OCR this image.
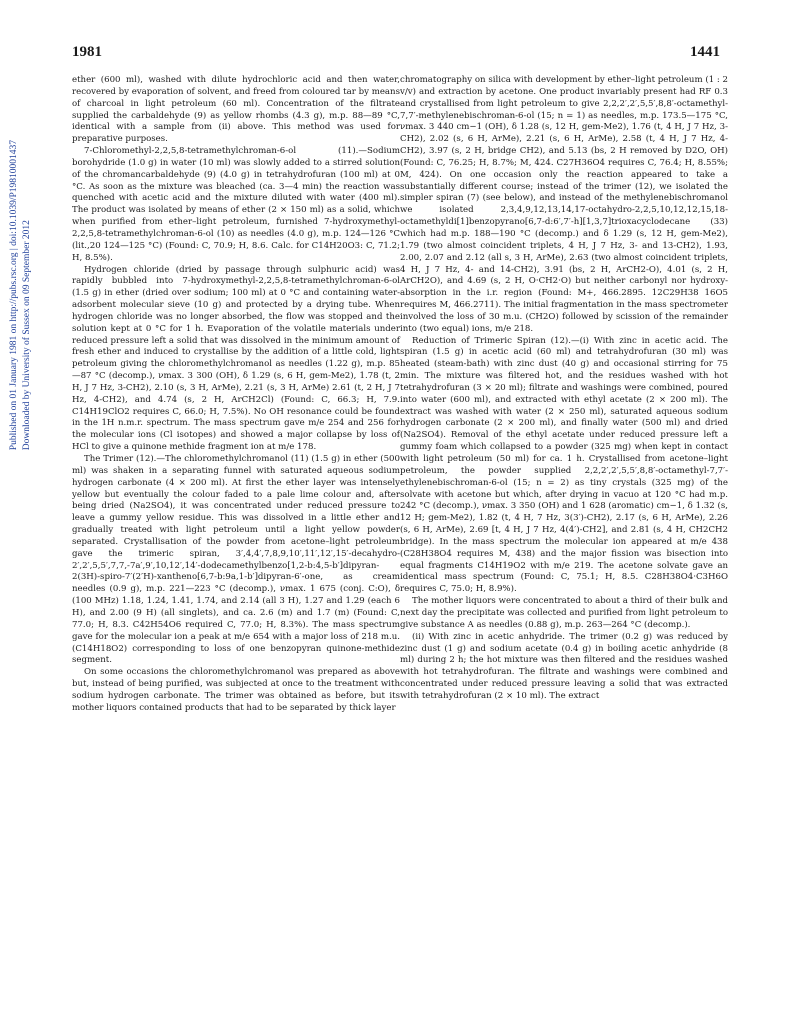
1981	1441
Published on 01 January 1981 on http://pubs.rsc.org | doi:10.1039/P19810001437 Downloaded by University of Sussex on 09 September 2012

ether (600 ml), washed with dilute hydrochloric acid and then water, recovered by evaporation of solvent, and freed from coloured tar by means of charcoal in light petroleum (60 ml). Concentration of the filtrate supplied the carbaldehyde (9) as yellow rhombs (4.3 g), m.p. 88—89 °C, identical with a sample from (ii) above. This method was used for preparative purposes.

7-Chloromethyl-2,2,5,8-tetramethylchroman-6-ol (11).—Sodium borohydride (1.0 g) in water (10 ml) was slowly added to a stirred solution of the chromancarbaldehyde (9) (4.0 g) in tetrahydrofuran (100 ml) at 0 °C. As soon as the mixture was bleached (ca. 3—4 min) the reaction was quenched with acetic acid and the mixture diluted with water (400 ml). The product was isolated by means of ether (2 × 150 ml) as a solid, which when purified from ether–light petroleum, furnished 7-hydroxymethyl-2,2,5,8-tetramethylchroman-6-ol (10) as needles (4.0 g), m.p. 124—126 °C (lit.,20 124—125 °C) (Found: C, 70.9; H, 8.6. Calc. for C14H20O3: C, 71.2; H, 8.5%).

Hydrogen chloride (dried by passage through sulphuric acid) was rapidly bubbled into 7-hydroxymethyl-2,2,5,8-tetramethylchroman-6-ol (1.5 g) in ether (dried over sodium; 100 ml) at 0 °C and containing water-adsorbent molecular sieve (10 g) and protected by a drying tube. When hydrogen chloride was no longer absorbed, the flow was stopped and the solution kept at 0 °C for 1 h. Evaporation of the volatile materials under reduced pressure left a solid that was dissolved in the minimum amount of fresh ether and induced to crystallise by the addition of a little cold, light petroleum giving the chloromethylchromanol as needles (1.22 g), m.p. 85—87 °C (decomp.), νmax. 3 300 (OH), δ 1.29 (s, 6 H, gem-Me2), 1.78 (t, 2 H, J 7 Hz, 3-CH2), 2.10 (s, 3 H, ArMe), 2.21 (s, 3 H, ArMe) 2.61 (t, 2 H, J 7 Hz, 4-CH2), and 4.74 (s, 2 H, ArCH2Cl) (Found: C, 66.3; H, 7.9. C14H19ClO2 requires C, 66.0; H, 7.5%). No OH resonance could be found in the 1H n.m.r. spectrum. The mass spectrum gave m/e 254 and 256 for the molecular ions (Cl isotopes) and showed a major collapse by loss of HCl to give a quinone methide fragment ion at m/e 178.

The Trimer (12).—The chloromethylchromanol (11) (1.5 g) in ether (500 ml) was shaken in a separating funnel with saturated aqueous sodium hydrogen carbonate (4 × 200 ml). At first the ether layer was intensely yellow but eventually the colour faded to a pale lime colour and, after being dried (Na2SO4), it was concentrated under reduced pressure to leave a gummy yellow residue. This was dissolved in a little ether and gradually treated with light petroleum until a light yellow powder separated. Crystallisation of the powder from acetone–light petroleum gave the trimeric spiran, 3′,4,4′,7,8,9,10′,11′,12′,15′-decahydro-2′,2′,5,5′,7,7,-7a′,9′,10,12′,14′-dodecamethylbenzo[1,2-b:4,5-b′]dipyran-2(3H)-spiro-7′(2′H)-xantheno[6,7-b:9a,1-b′]dipyran-6′-one, as cream needles (0.9 g), m.p. 221—223 °C (decomp.), νmax. 1 675 (conj. C:O), δ (100 MHz) 1.18, 1.24, 1.41, 1.74, and 2.14 (all 3 H), 1.27 and 1.29 (each 6 H), and 2.00 (9 H) (all singlets), and ca. 2.6 (m) and 1.7 (m) (Found: C, 77.0; H, 8.3. C42H54O6 required C, 77.0; H, 8.3%). The mass spectrum gave for the molecular ion a peak at m/e 654 with a major loss of 218 m.u. (C14H18O2) corresponding to loss of one benzopyran quinone-methide segment.

On some occasions the chloromethylchromanol was prepared as above but, instead of being purified, was subjected at once to the treatment with sodium hydrogen carbonate. The trimer was obtained as before, but its mother liquors contained products that had to be separated by thick layer

chromatography on silica with development by ether–light petroleum (1 : 2 v/v) and extraction by acetone. One product invariably present had RF 0.3 and crystallised from light petroleum to give 2,2,2′,2′,5,5′,8,8′-octamethyl-7,7′-methylenebischroman-6-ol (15; n = 1) as needles, m.p. 173.5—175 °C, νmax. 3 440 cm−1 (OH), δ 1.28 (s, 12 H, gem-Me2), 1.76 (t, 4 H, J 7 Hz, 3-CH2), 2.02 (s, 6 H, ArMe), 2.21 (s, 6 H, ArMe), 2.58 (t, 4 H, J 7 Hz, 4-CH2), 3.97 (s, 2 H, bridge CH2), and 5.13 (bs, 2 H removed by D2O, OH) (Found: C, 76.25; H, 8.7%; M, 424. C27H36O4 requires C, 76.4; H, 8.55%; M, 424). On one occasion only the reaction appeared to take a substantially different course; instead of the trimer (12), we isolated the simpler spiran (7) (see below), and instead of the methylenebischromanol we isolated 2,3,4,9,12,13,14,17-octahydro-2,2,5,10,12,12,15,18-octamethyldi[1]benzopyrano[6,7-d:6′,7′-h][1,3,7]trioxacyclodecane (33) which had m.p. 188—190 °C (decomp.) and δ 1.29 (s, 12 H, gem-Me2), 1.79 (two almost coincident triplets, 4 H, J 7 Hz, 3- and 13-CH2), 1.93, 2.00, 2.07 and 2.12 (all s, 3 H, ArMe), 2.63 (two almost coincident triplets, 4 H, J 7 Hz, 4- and 14-CH2), 3.91 (bs, 2 H, ArCH2-O), 4.01 (s, 2 H, ArCH2O), and 4.69 (s, 2 H, O·CH2·O) but neither carbonyl nor hydroxy-absorption in the i.r. region (Found: M+, 466.2895. 12C29H38 16O5 requires M, 466.2711). The initial fragmentation in the mass spectrometer involved the loss of 30 m.u. (CH2O) followed by scission of the remainder into (two equal) ions, m/e 218.

Reduction of Trimeric Spiran (12).—(i) With zinc in acetic acid. The spiran (1.5 g) in acetic acid (60 ml) and tetrahydrofuran (30 ml) was heated (steam-bath) with zinc dust (40 g) and occasional stirring for 75 min. The mixture was filtered hot, and the residues washed with hot tetrahydrofuran (3 × 20 ml); filtrate and washings were combined, poured into water (600 ml), and extracted with ethyl acetate (2 × 200 ml). The extract was washed with water (2 × 250 ml), saturated aqueous sodium hydrogen carbonate (2 × 200 ml), and finally water (500 ml) and dried (Na2SO4). Removal of the ethyl acetate under reduced pressure left a gummy foam which collapsed to a powder (325 mg) when kept in contact with light petroleum (50 ml) for ca. 1 h. Crystallised from acetone–light petroleum, the powder supplied 2,2,2′,2′,5,5′,8,8′-octamethyl-7,7′-ethylenebischroman-6-ol (15; n = 2) as tiny crystals (325 mg) of the solvate with acetone but which, after drying in vacuo at 120 °C had m.p. 242 °C (decomp.), νmax. 3 350 (OH) and 1 628 (aromatic) cm−1, δ 1.32 (s, 12 H; gem-Me2), 1.82 (t, 4 H, 7 Hz, 3(3′)-CH2), 2.17 (s, 6 H, ArMe), 2.26 (s, 6 H, ArMe), 2.69 [t, 4 H, J 7 Hz, 4(4′)-CH2], and 2.81 (s, 4 H, CH2CH2 bridge). In the mass spectrum the molecular ion appeared at m/e 438 (C28H38O4 requires M, 438) and the major fission was bisection into equal fragments C14H19O2 with m/e 219. The acetone solvate gave an identical mass spectrum (Found: C, 75.1; H, 8.5. C28H38O4·C3H6O requires C, 75.0; H, 8.9%).

The mother liquors were concentrated to about a third of their bulk and next day the precipitate was collected and purified from light petroleum to give substance A as needles (0.88 g), m.p. 263—264 °C (decomp.).

(ii) With zinc in acetic anhydride. The trimer (0.2 g) was reduced by zinc dust (1 g) and sodium acetate (0.4 g) in boiling acetic anhydride (8 ml) during 2 h; the hot mixture was then filtered and the residues washed with hot tetrahydrofuran. The filtrate and washings were combined and concentrated under reduced pressure leaving a solid that was extracted with tetrahydrofuran (2 × 10 ml). The extract
